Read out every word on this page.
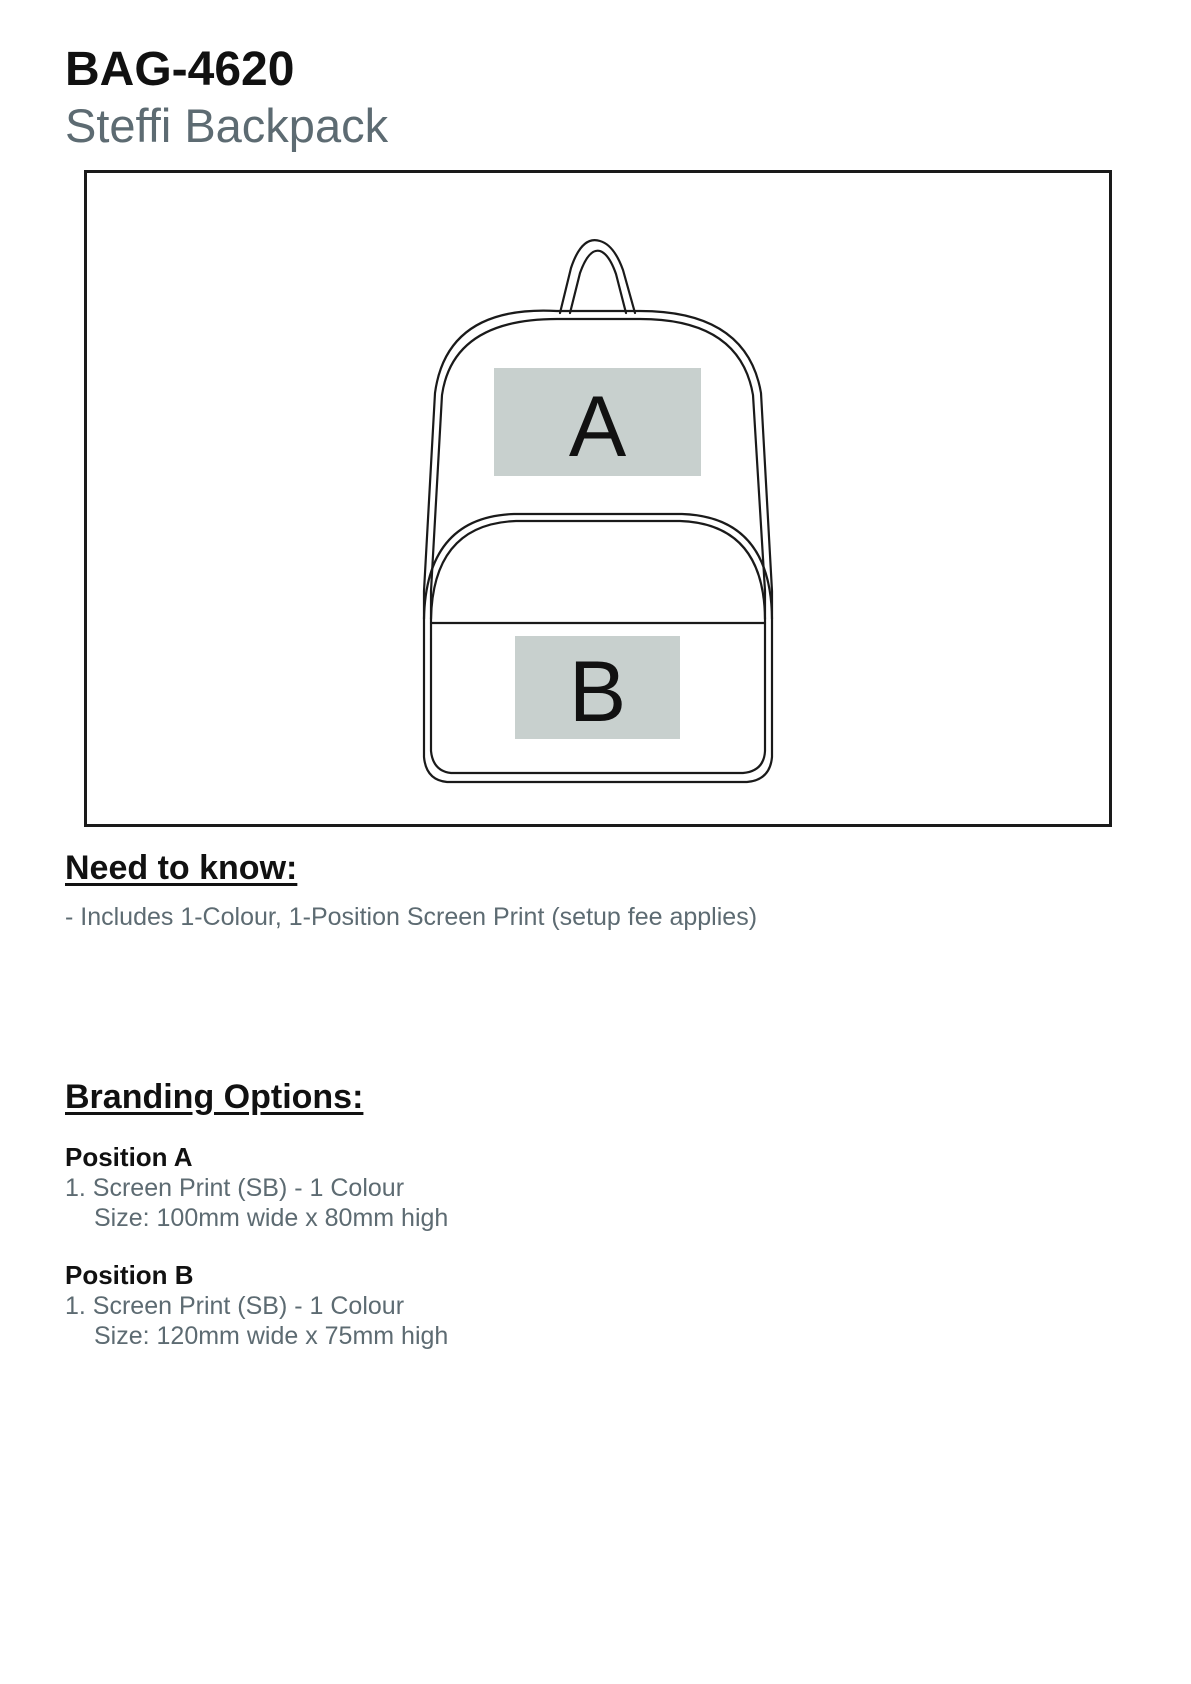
BAG-4620
Steffi Backpack
A
B
Need to know:
- Includes 1-Colour, 1-Position Screen Print (setup fee applies)
Branding Options:
Position A
1. Screen Print (SB) - 1 Colour
Size: 100mm wide x 80mm high
Position B
1. Screen Print (SB) - 1 Colour
Size: 120mm wide x 75mm high
